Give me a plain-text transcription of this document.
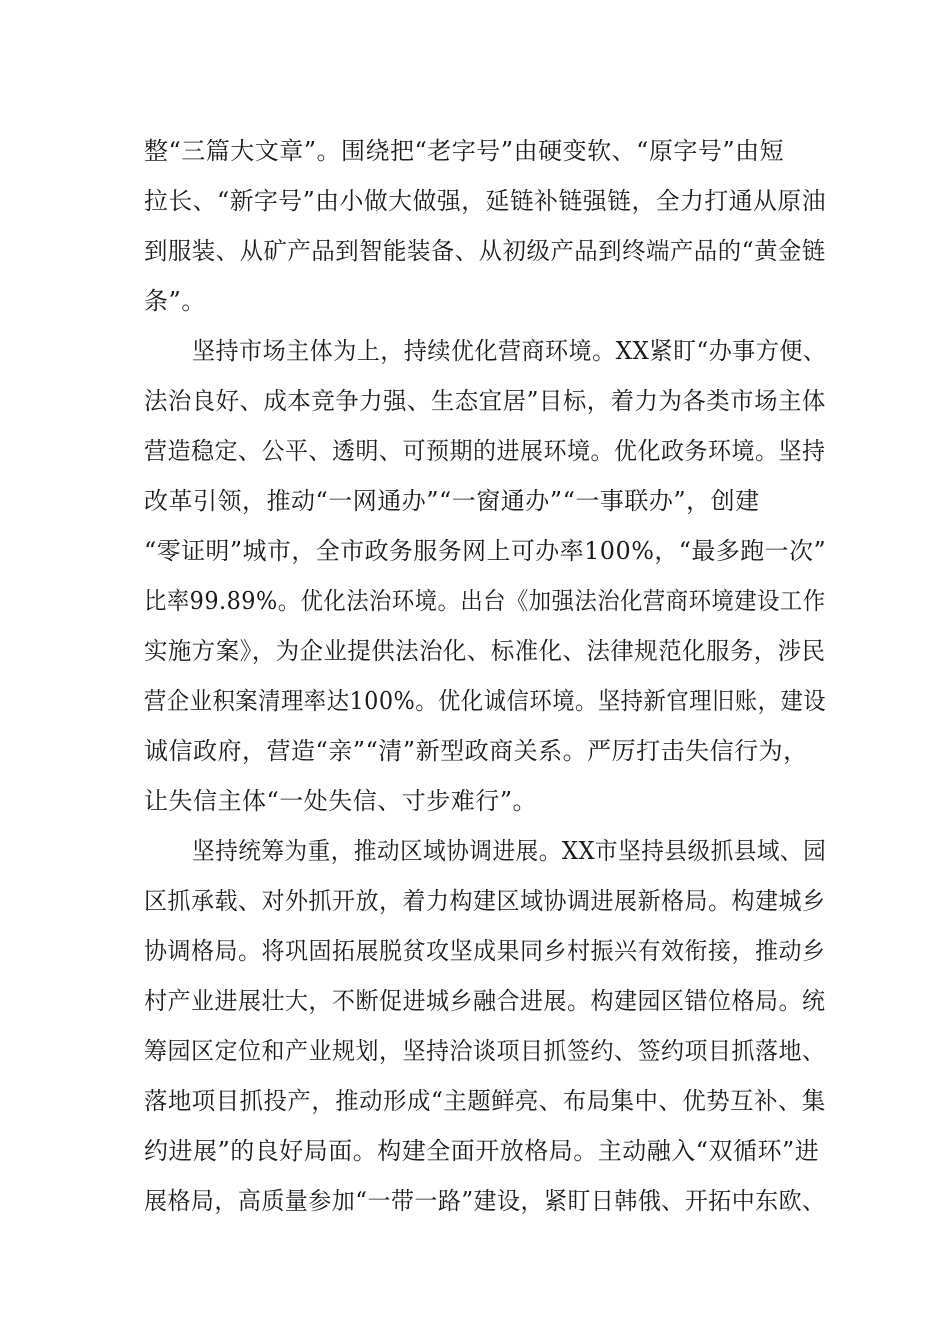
整“三篇大文章”。围绕把“老字号”由硬变软、“原字号”由短

拉长、“新字号”由小做大做强，延链补链强链，全力打通从原油

到服装、从矿产品到智能装备、从初级产品到终端产品的“黄金链

条”。

坚持市场主体为上，持续优化营商环境。XX紧盯“办事方便、

法治良好、成本竞争力强、生态宜居”目标，着力为各类市场主体

营造稳定、公平、透明、可预期的进展环境。优化政务环境。坚持

改革引领，推动“一网通办”“一窗通办”“一事联办”，创建

“零证明”城市，全市政务服务网上可办率100%，“最多跑一次”

比率99.89%。优化法治环境。出台《加强法治化营商环境建设工作

实施方案》，为企业提供法治化、标准化、法律规范化服务，涉民

营企业积案清理率达100%。优化诚信环境。坚持新官理旧账，建设

诚信政府，营造“亲”“清”新型政商关系。严厉打击失信行为，

让失信主体“一处失信、寸步难行”。

坚持统筹为重，推动区域协调进展。XX市坚持县级抓县域、园

区抓承载、对外抓开放，着力构建区域协调进展新格局。构建城乡

协调格局。将巩固拓展脱贫攻坚成果同乡村振兴有效衔接，推动乡

村产业进展壮大，不断促进城乡融合进展。构建园区错位格局。统

筹园区定位和产业规划，坚持洽谈项目抓签约、签约项目抓落地、

落地项目抓投产，推动形成“主题鲜亮、布局集中、优势互补、集

约进展”的良好局面。构建全面开放格局。主动融入“双循环”进

展格局，高质量参加“一带一路”建设，紧盯日韩俄、开拓中东欧、
